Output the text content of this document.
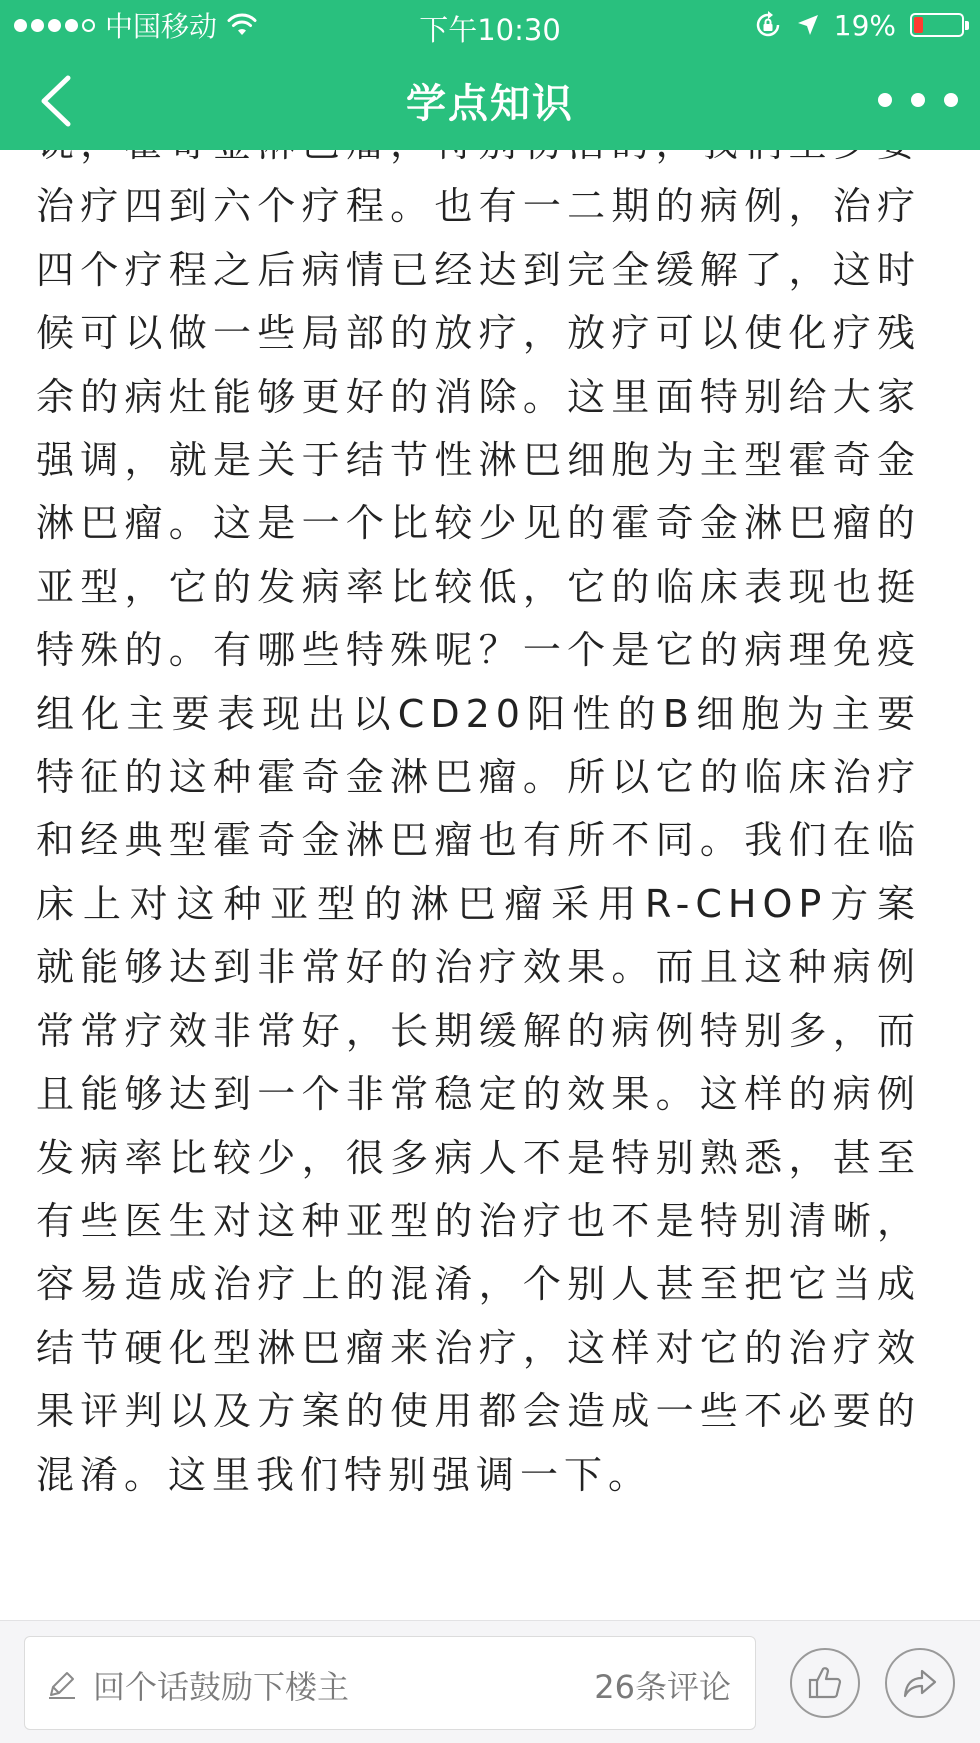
中国移动	下午10:30	19%
学点知识

治疗四到六个疗程。也有一二期的病例，治疗四个疗程之后病情已经达到完全缓解了，这时候可以做一些局部的放疗，放疗可以使化疗残余的病灶能够更好的消除。这里面特别给大家强调，就是关于结节性淋巴细胞为主型霍奇金淋巴瘤。这是一个比较少见的霍奇金淋巴瘤的亚型，它的发病率比较低，它的临床表现也挺特殊的。有哪些特殊呢？一个是它的病理免疫组化主要表现出以CD20阳性的B细胞为主要特征的这种霍奇金淋巴瘤。所以它的临床治疗和经典型霍奇金淋巴瘤也有所不同。我们在临床上对这种亚型的淋巴瘤采用R-CHOP方案就能够达到非常好的治疗效果。而且这种病例常常疗效非常好，长期缓解的病例特别多，而且能够达到一个非常稳定的效果。这样的病例发病率比较少，很多病人不是特别熟悉，甚至有些医生对这种亚型的治疗也不是特别清晰，容易造成治疗上的混淆，个别人甚至把它当成结节硬化型淋巴瘤来治疗，这样对它的治疗效果评判以及方案的使用都会造成一些不必要的混淆。这里我们特别强调一下。

回个话鼓励下楼主	26条评论
